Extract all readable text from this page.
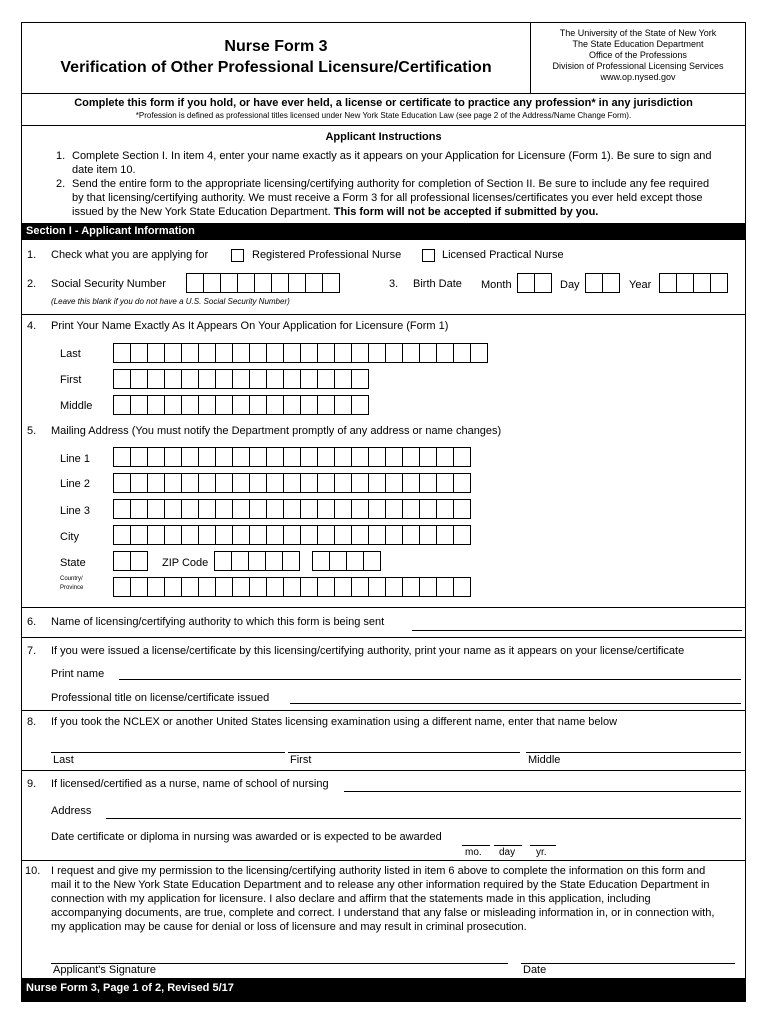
Nurse Form 3
Verification of Other Professional Licensure/Certification
The University of the State of New York
The State Education Department
Office of the Professions
Division of Professional Licensing Services
www.op.nysed.gov
Complete this form if you hold, or have ever held, a license or certificate to practice any profession* in any jurisdiction
*Profession is defined as professional titles licensed under New York State Education Law (see page 2 of the Address/Name Change Form).
Applicant Instructions
1. Complete Section I. In item 4, enter your name exactly as it appears on your Application for Licensure (Form 1). Be sure to sign and
date item 10.
2. Send the entire form to the appropriate licensing/certifying authority for completion of Section II. Be sure to include any fee required
by that licensing/certifying authority. We must receive a Form 3 for all professional licenses/certificates you ever held except those
issued by the New York State Education Department. This form will not be accepted if submitted by you.
Section I - Applicant Information
1. Check what you are applying for	Registered Professional Nurse	Licensed Practical Nurse
2. Social Security Number
(Leave this blank if you do not have a U.S. Social Security Number)
3. Birth Date Month	Day	Year
4. Print Your Name Exactly As It Appears On Your Application for Licensure (Form 1)
Last
First
Middle
5. Mailing Address (You must notify the Department promptly of any address or name changes)
Line 1
Line 2
Line 3
City
State	ZIP Code
Country/
Province
6. Name of licensing/certifying authority to which this form is being sent
7. If you were issued a license/certificate by this licensing/certifying authority, print your name as it appears on your license/certificate
Print name
Professional title on license/certificate issued
8. If you took the NCLEX or another United States licensing examination using a different name, enter that name below
Last	First	Middle
9. If licensed/certified as a nurse, name of school of nursing
Address
Date certificate or diploma in nursing was awarded or is expected to be awarded
mo. day yr.
10. I request and give my permission to the licensing/certifying authority listed in item 6 above to complete the information on this form and
mail it to the New York State Education Department and to release any other information required by the State Education Department in
connection with my application for licensure. I also declare and affirm that the statements made in this application, including
accompanying documents, are true, complete and correct. I understand that any false or misleading information in, or in connection with,
my application may be cause for denial or loss of licensure and may result in criminal prosecution.
Applicant's Signature	Date
Nurse Form 3, Page 1 of 2, Revised 5/17
